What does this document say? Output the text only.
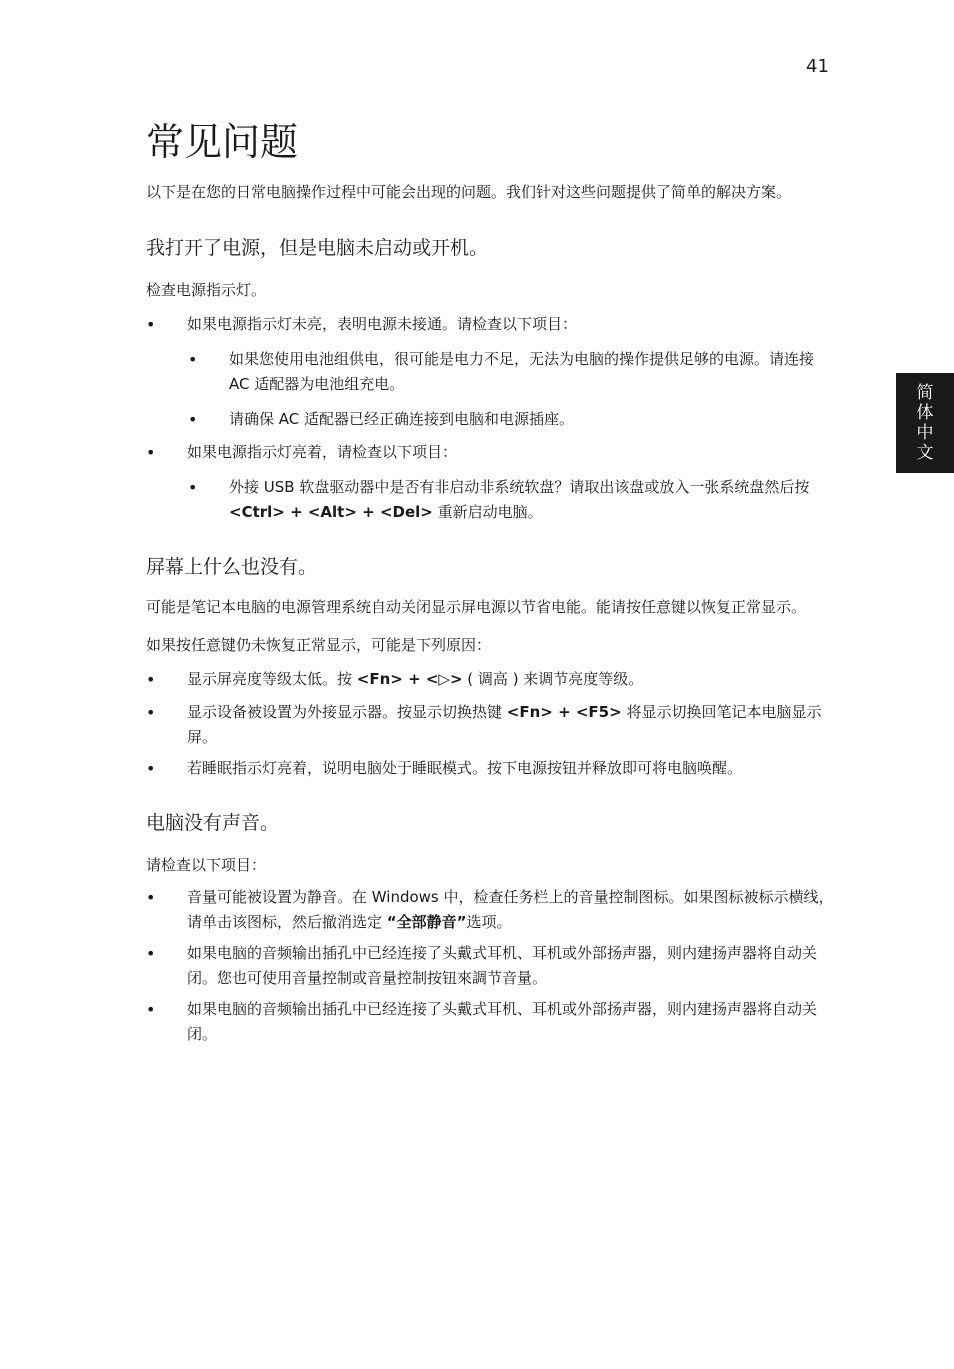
41
常见问题
简体中文

以下是在您的日常电脑操作过程中可能会出现的问题。我们针对这些问题提供了简单的解决方案。

我打开了电源，但是电脑未启动或开机。

检查电源指示灯。

• 如果电源指示灯未亮，表明电源未接通。请检查以下项目：
• 如果您使用电池组供电，很可能是电力不足，无法为电脑的操作提供足够的电源。请连接 AC 适配器为电池组充电。
• 请确保 AC 适配器已经正确连接到电脑和电源插座。
• 如果电源指示灯亮着，请检查以下项目：
• 外接 USB 软盘驱动器中是否有非启动非系统软盘？请取出该盘或放入一张系统盘然后按 <Ctrl> + <Alt> + <Del> 重新启动电脑。
屏幕上什么也没有。

可能是笔记本电脑的电源管理系统自动关闭显示屏电源以节省电能。能请按任意键以恢复正常显示。

如果按任意键仍未恢复正常显示，可能是下列原因：

• 显示屏亮度等级太低。按 <Fn> + <▷> ( 调高 ) 来调节亮度等级。
• 显示设备被设置为外接显示器。按显示切换热键 <Fn> + <F5> 将显示切换回笔记本电脑显示屏。
• 若睡眠指示灯亮着，说明电脑处于睡眠模式。按下电源按钮并释放即可将电脑唤醒。
电脑没有声音。

请检查以下项目：

• 音量可能被设置为静音。在 Windows 中，检查任务栏上的音量控制图标。如果图标被标示横线，请单击该图标，然后撤消选定 “全部静音”选项。
• 如果电脑的音频输出插孔中已经连接了头戴式耳机、耳机或外部扬声器，则内建扬声器将自动关闭。您也可使用音量控制或音量控制按钮來調节音量。
• 如果电脑的音频输出插孔中已经连接了头戴式耳机、耳机或外部扬声器，则内建扬声器将自动关闭。
